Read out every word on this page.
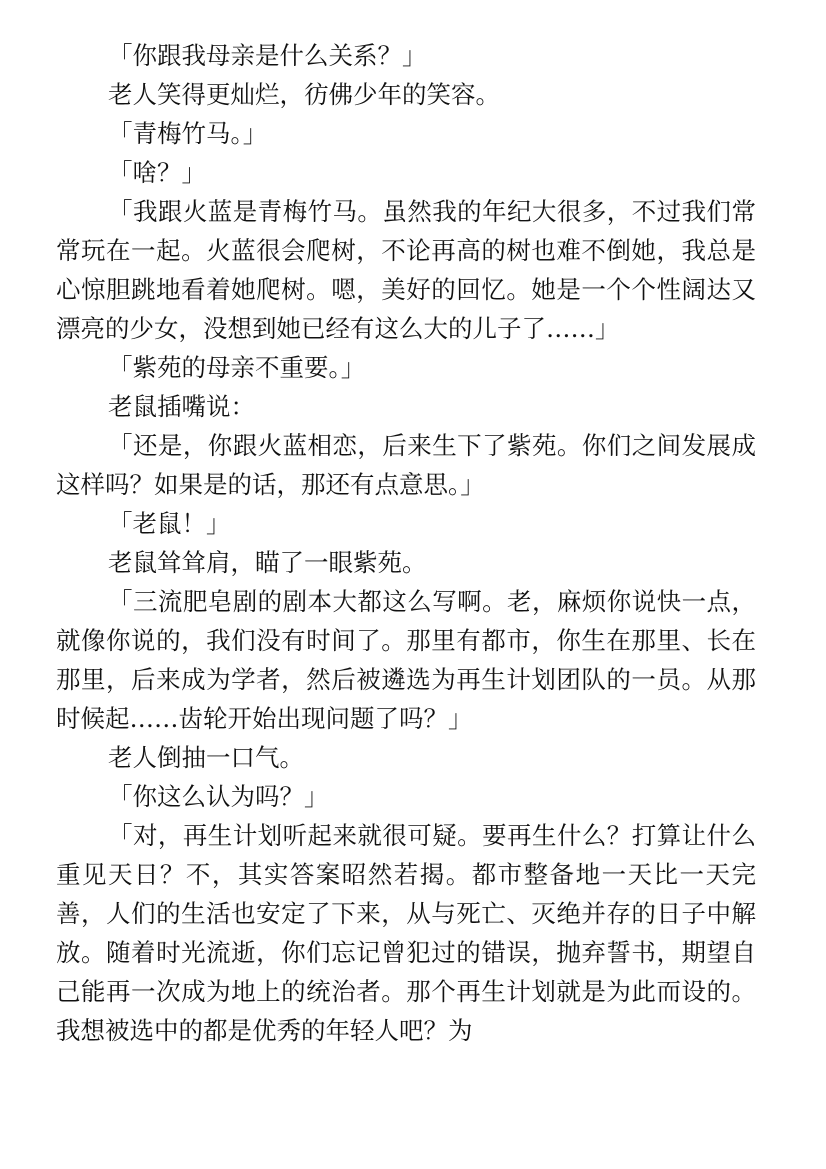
「你跟我母亲是什么关系？」

老人笑得更灿烂，彷佛少年的笑容。

「青梅竹马。」

「啥？」

「我跟火蓝是青梅竹马。虽然我的年纪大很多，不过我们常常玩在一起。火蓝很会爬树，不论再高的树也难不倒她，我总是心惊胆跳地看着她爬树。嗯，美好的回忆。她是一个个性阔达又漂亮的少女，没想到她已经有这么大的儿子了……」

「紫苑的母亲不重要。」

老鼠插嘴说：

「还是，你跟火蓝相恋，后来生下了紫苑。你们之间发展成这样吗？如果是的话，那还有点意思。」

「老鼠！」

老鼠耸耸肩，瞄了一眼紫苑。

「三流肥皂剧的剧本大都这么写啊。老，麻烦你说快一点，就像你说的，我们没有时间了。那里有都市，你生在那里、长在那里，后来成为学者，然后被遴选为再生计划团队的一员。从那时候起……齿轮开始出现问题了吗？」

老人倒抽一口气。

「你这么认为吗？」

「对，再生计划听起来就很可疑。要再生什么？打算让什么重见天日？不，其实答案昭然若揭。都市整备地一天比一天完善，人们的生活也安定了下来，从与死亡、灭绝并存的日子中解放。随着时光流逝，你们忘记曾犯过的错误，抛弃誓书，期望自己能再一次成为地上的统治者。那个再生计划就是为此而设的。我想被选中的都是优秀的年轻人吧？为
